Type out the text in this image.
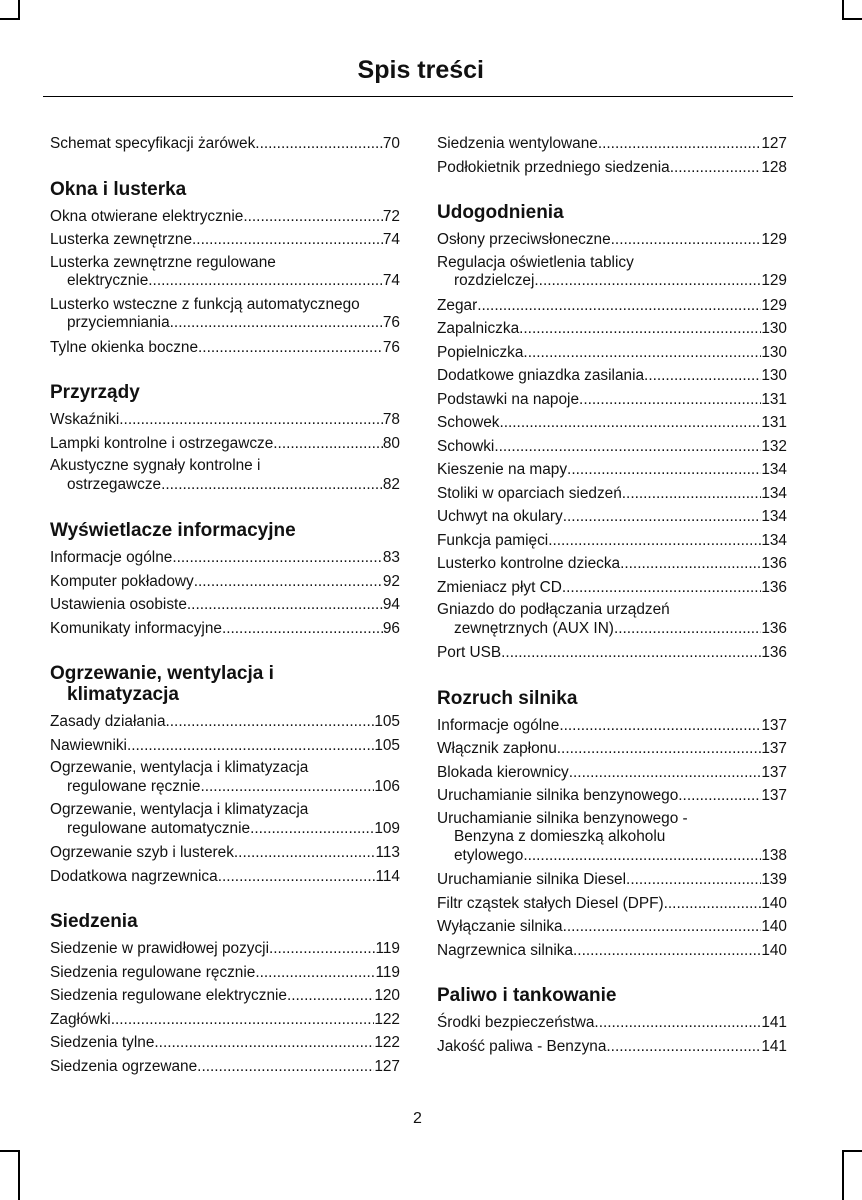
Spis treści
Schemat specyfikacji żarówek .....	70
Okna i lusterka
Okna otwierane elektrycznie .....	72
Lusterka zewnętrzne .....	74
Lusterka zewnętrzne regulowane
elektrycznie .....	74
Lusterko wsteczne z funkcją automatycznego
przyciemniania .....	76
Tylne okienka boczne .....	76
Przyrządy
Wskaźniki .....	78
Lampki kontrolne i ostrzegawcze .....	80
Akustyczne sygnały kontrolne i
ostrzegawcze .....	82
Wyświetlacze informacyjne
Informacje ogólne .....	83
Komputer pokładowy .....	92
Ustawienia osobiste .....	94
Komunikaty informacyjne .....	96
Ogrzewanie, wentylacja i
klimatyzacja
Zasady działania .....	105
Nawiewniki .....	105
Ogrzewanie, wentylacja i klimatyzacja
regulowane ręcznie .....	106
Ogrzewanie, wentylacja i klimatyzacja
regulowane automatycznie .....	109
Ogrzewanie szyb i lusterek .....	113
Dodatkowa nagrzewnica .....	114
Siedzenia
Siedzenie w prawidłowej pozycji .....	119
Siedzenia regulowane ręcznie .....	119
Siedzenia regulowane elektrycznie .....	120
Zagłówki .....	122
Siedzenia tylne .....	122
Siedzenia ogrzewane .....	127
Siedzenia wentylowane .....	127
Podłokietnik przedniego siedzenia .....	128
Udogodnienia
Osłony przeciwsłoneczne .....	129
Regulacja oświetlenia tablicy
rozdzielczej .....	129
Zegar .....	129
Zapalniczka .....	130
Popielniczka .....	130
Dodatkowe gniazdka zasilania .....	130
Podstawki na napoje .....	131
Schowek .....	131
Schowki .....	132
Kieszenie na mapy .....	134
Stoliki w oparciach siedzeń .....	134
Uchwyt na okulary .....	134
Funkcja pamięci .....	134
Lusterko kontrolne dziecka .....	136
Zmieniacz płyt CD .....	136
Gniazdo do podłączania urządzeń
zewnętrznych (AUX IN) .....	136
Port USB .....	136
Rozruch silnika
Informacje ogólne .....	137
Włącznik zapłonu .....	137
Blokada kierownicy .....	137
Uruchamianie silnika benzynowego .....	137
Uruchamianie silnika benzynowego -
Benzyna z domieszką alkoholu
etylowego .....	138
Uruchamianie silnika Diesel .....	139
Filtr cząstek stałych Diesel (DPF) .....	140
Wyłączanie silnika .....	140
Nagrzewnica silnika .....	140
Paliwo i tankowanie
Środki bezpieczeństwa .....	141
Jakość paliwa - Benzyna .....	141
2
